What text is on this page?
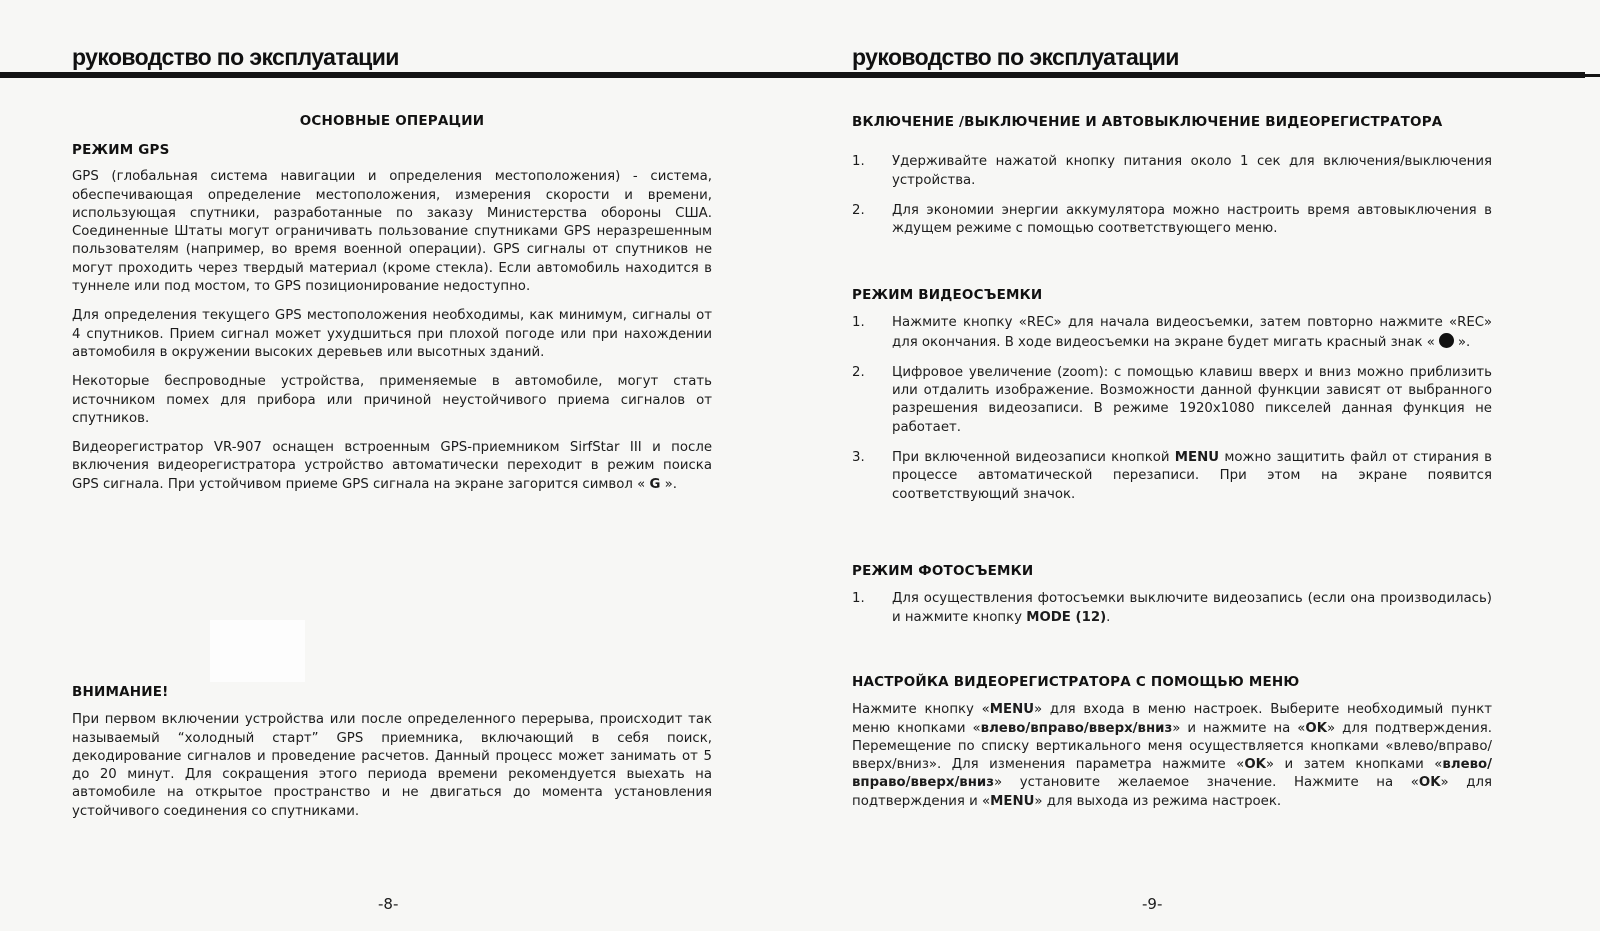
руководство по эксплуатации
ОСНОВНЫЕ ОПЕРАЦИИ
РЕЖИМ GPS

GPS (глобальная система навигации и определения местоположения) - система, обеспечивающая определение местоположения, измерения скорости и времени, использующая спутники, разработанные по заказу Министерства обороны США. Соединенные Штаты могут ограничивать пользование спутниками GPS неразрешенным пользователям (например, во время военной операции). GPS сигналы от спутников не могут проходить через твердый материал (кроме стекла). Если автомобиль находится в туннеле или под мостом, то GPS позиционирование недоступно.

Для определения текущего GPS местоположения необходимы, как минимум, сигналы от 4 спутников. Прием сигнал может ухудшиться при плохой погоде или при нахождении автомобиля в окружении высоких деревьев или высотных зданий.

Некоторые беспроводные устройства, применяемые в автомобиле, могут стать источником помех для прибора или причиной неустойчивого приема сигналов от спутников.

Видеорегистратор VR-907 оснащен встроенным GPS-приемником SirfStar III и после включения видеорегистратора устройство автоматически переходит в режим поиска GPS сигнала. При устойчивом приеме GPS сигнала на экране загорится символ « G ».

ВНИМАНИЕ!

При первом включении устройства или после определенного перерыва, происходит так называемый “холодный старт” GPS приемника, включающий в себя поиск, декодирование сигналов и проведение расчетов. Данный процесс может занимать от 5 до 20 минут. Для сокращения этого периода времени рекомендуется выехать на автомобиле на открытое пространство и не двигаться до момента установления устойчивого соединения со спутниками.

-8-
руководство по эксплуатации
ВКЛЮЧЕНИЕ /ВЫКЛЮЧЕНИЕ И АВТОВЫКЛЮЧЕНИЕ ВИДЕОРЕГИСТРАТОРА
1. Удерживайте нажатой кнопку питания около 1 сек для включения/выключения устройства.
2. Для экономии энергии аккумулятора можно настроить время автовыключения в ждущем режиме с помощью соответствующего меню.
РЕЖИМ ВИДЕОСЪЕМКИ
1. Нажмите кнопку «REC» для начала видеосъемки, затем повторно нажмите «REC» для окончания. В ходе видеосъемки на экране будет мигать красный знак « ».
2. Цифровое увеличение (zoom): с помощью клавиш вверх и вниз можно приблизить или отдалить изображение. Возможности данной функции зависят от выбранного разрешения видеозаписи. В режиме 1920х1080 пикселей данная функция не работает.
3. При включенной видеозаписи кнопкой MENU можно защитить файл от стирания в процессе автоматической перезаписи. При этом на экране появится соответствующий значок.
РЕЖИМ ФОТОСЪЕМКИ
1. Для осуществления фотосъемки выключите видеозапись (если она производилась) и нажмите кнопку MODE (12).
НАСТРОЙКА ВИДЕОРЕГИСТРАТОРА С ПОМОЩЬЮ МЕНЮ

Нажмите кнопку «MENU» для входа в меню настроек. Выберите необходимый пункт меню кнопками «влево/вправо/вверх/вниз» и нажмите на «OK» для подтверждения. Перемещение по списку вертикального меня осуществляется кнопками «влево/вправо/вверх/вниз». Для изменения параметра нажмите «OK» и затем кнопками «влево/вправо/вверх/вниз» установите желаемое значение. Нажмите на «OK» для подтверждения и «MENU» для выхода из режима настроек.

-9-
